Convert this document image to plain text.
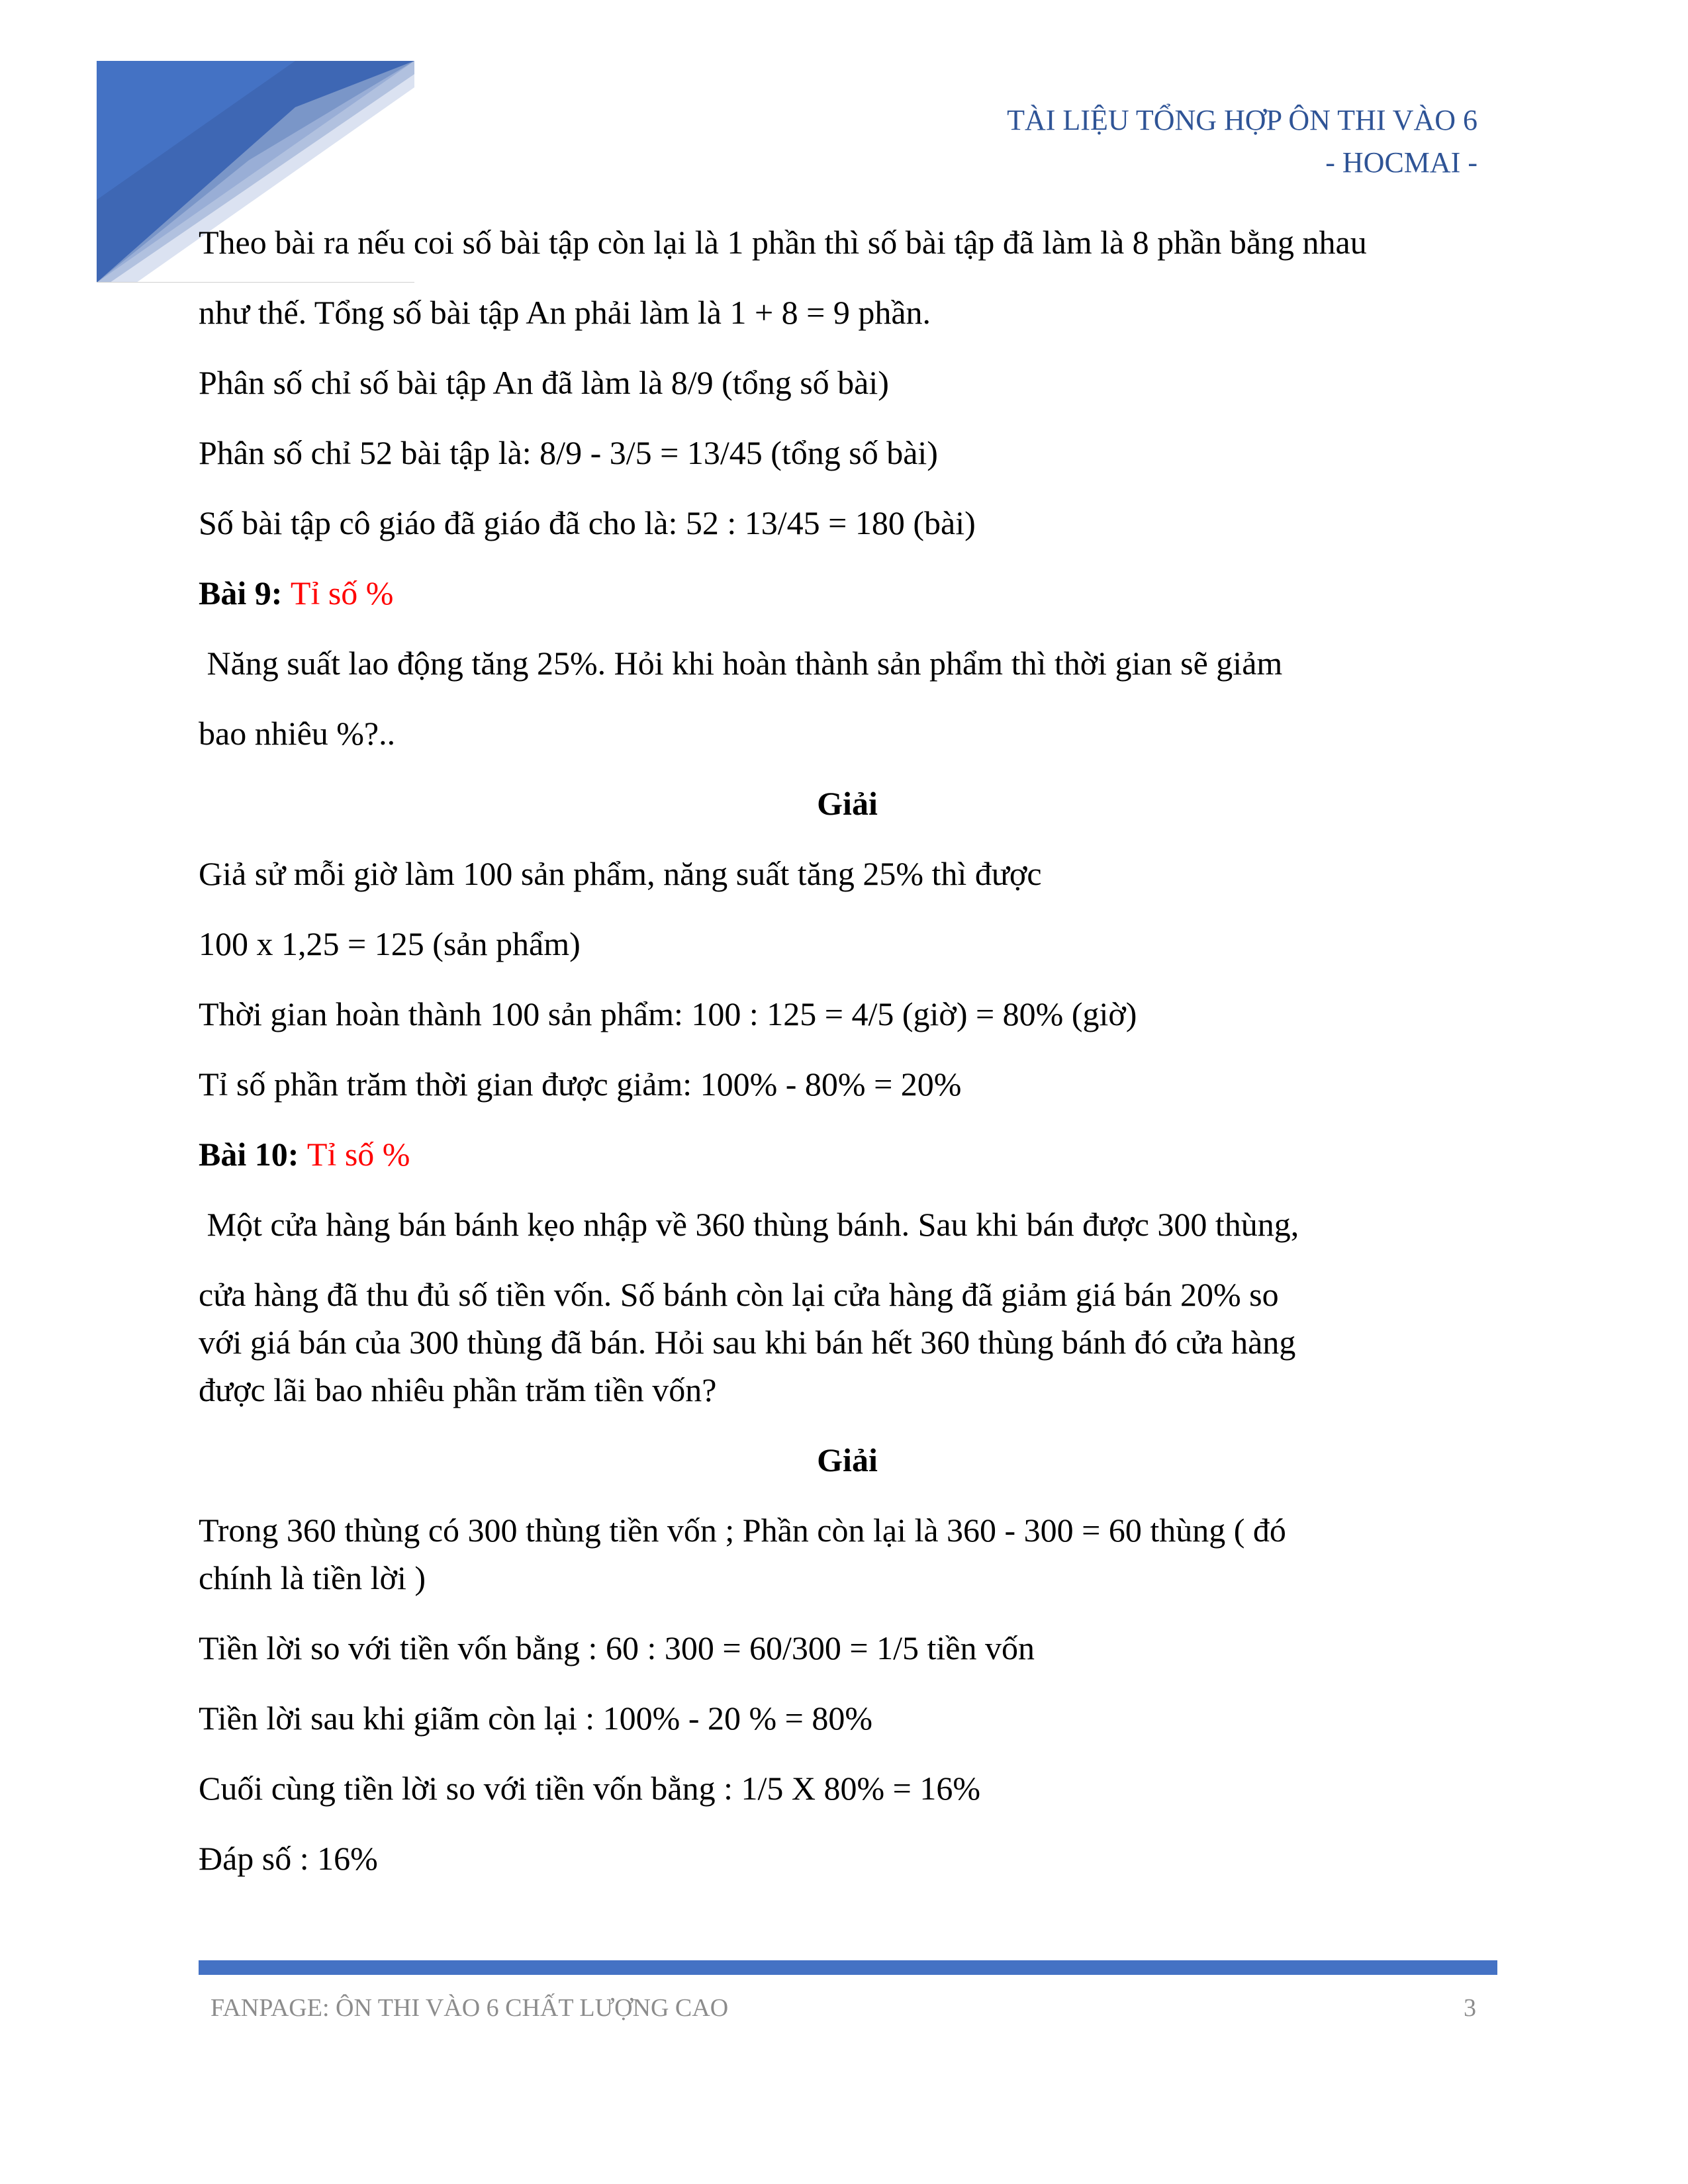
TÀI LIỆU TỔNG HỢP ÔN THI VÀO 6
- HOCMAI -

Theo bài ra nếu coi số bài tập còn lại là 1 phần thì số bài tập đã làm là 8 phần bằng nhau

như thế. Tổng số bài tập An phải làm là 1 + 8 = 9 phần.

Phân số chỉ số bài tập An đã làm là 8/9 (tổng số bài)

Phân số chỉ 52 bài tập là: 8/9 - 3/5 = 13/45 (tổng số bài)

Số bài tập cô giáo đã giáo đã cho là: 52 : 13/45 = 180 (bài)

Bài 9: Tỉ số %

Năng suất lao động tăng 25%. Hỏi khi hoàn thành sản phẩm thì thời gian sẽ giảm

bao nhiêu %?..

Giải

Giả sử mỗi giờ làm 100 sản phẩm, năng suất tăng 25% thì được

100 x 1,25 = 125 (sản phẩm)

Thời gian hoàn thành 100 sản phẩm: 100 : 125 = 4/5 (giờ) = 80% (giờ)

Tỉ số phần trăm thời gian được giảm: 100% - 80% = 20%

Bài 10: Tỉ số %

Một cửa hàng bán bánh kẹo nhập về 360 thùng bánh. Sau khi bán được 300 thùng,

cửa hàng đã thu đủ số tiền vốn. Số bánh còn lại cửa hàng đã giảm giá bán 20% so

với giá bán của 300 thùng đã bán. Hỏi sau khi bán hết 360 thùng bánh đó cửa hàng

được lãi bao nhiêu phần trăm tiền vốn?

Giải

Trong 360 thùng có 300 thùng tiền vốn ; Phần còn lại là 360 - 300 = 60 thùng ( đó

chính là tiền lời )

Tiền lời so với tiền vốn bằng : 60 : 300 = 60/300 = 1/5 tiền vốn

Tiền lời sau khi giãm còn lại : 100% - 20 % = 80%

Cuối cùng tiền lời so với tiền vốn bằng : 1/5 X 80% = 16%

Đáp số : 16%

FANPAGE: ÔN THI VÀO 6 CHẤT LƯỢNG CAO	3
